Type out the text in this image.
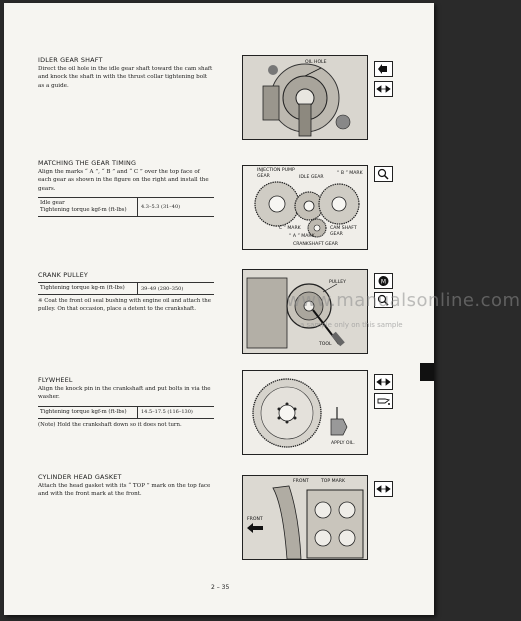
IDLER GEAR SHAFT
Direct the oil hole in the idle gear shaft toward the cam shaft and knock the shaft in with the thrust collar tightening bolt as a guide.
OIL HOLE
MATCHING THE GEAR TIMING
Align the marks “ A ”, “ B ” and “ C ” over the top face of each gear as shown in the figure on the right and install the gears.
Idle gear
Tightening torque kgf-m (ft-lbs)	4.3–5.3 (31–40)
INJECTION PUMP
GEAR	IDLE GEAR
“ B ” MARK
“ C ” MARK
“ A ” MARK
CAM SHAFT
GEAR
CRANKSHAFT GEAR
CRANK PULLEY
Tightening torque kg-m (ft-lbs)	39–49 (280–350)
※ Coat the front oil seal bushing with engine oil and attach the pulley. On that occasion, place a detent to the crankshaft.
PULLEY
TOOL
M
FLYWHEEL
Align the knock pin in the crankshaft and put bolts in via the washer.
Tightening torque kgf-m (ft-lbs)	14.5–17.5 (116–130)
(Note) Hold the crankshaft down so it does not turn.
APPLY OIL.
CYLINDER HEAD GASKET
Attach the head gasket with its “ TOP ” mark on the top face and with the front mark at the front.
FRONT	TOP MARK
FRONT
2 – 35
www.manualsonline.com
a sample only on this sample
